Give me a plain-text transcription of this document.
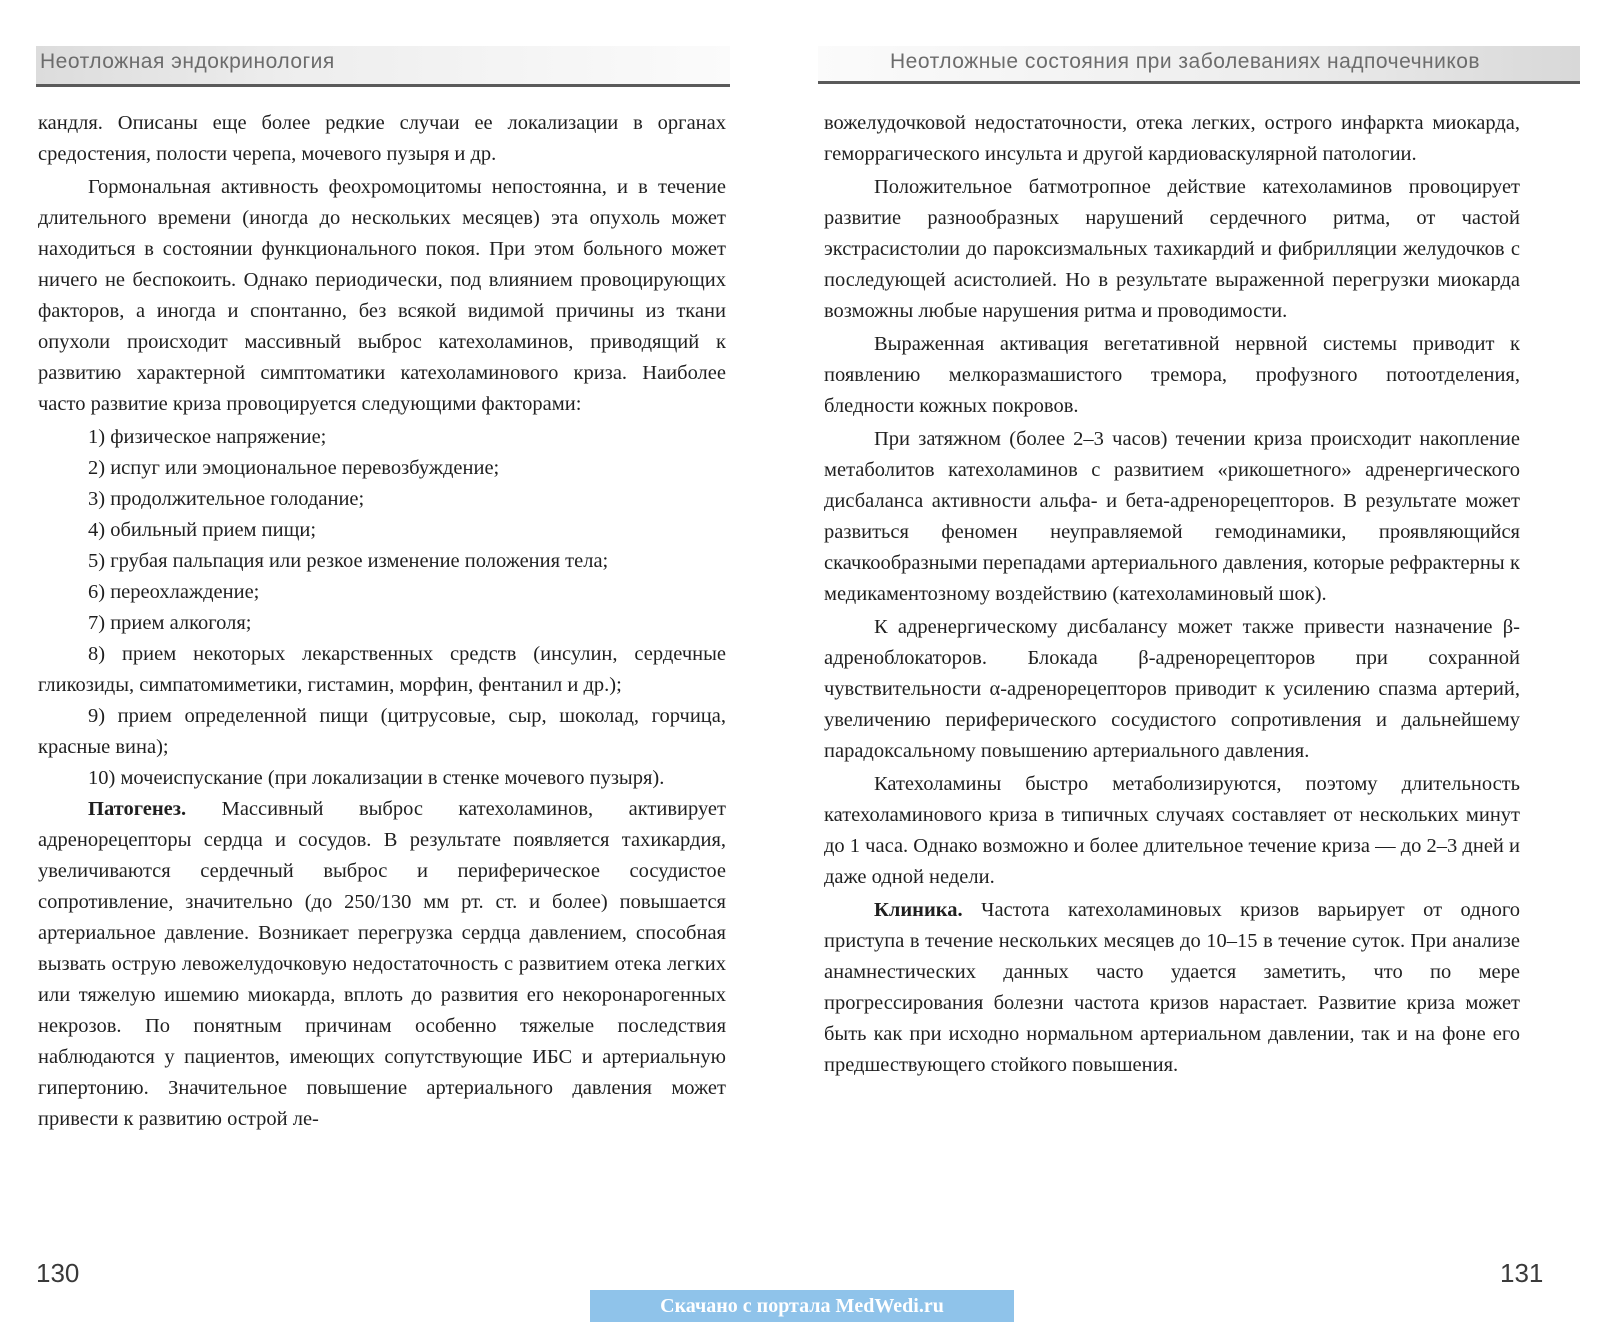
Неотложная эндокринология

кандля. Описаны еще более редкие случаи ее локализации в органах средостения, полости черепа, мочевого пузыря и др.

Гормональная активность феохромоцитомы непостоянна, и в течение длительного времени (иногда до нескольких месяцев) эта опухоль может находиться в состоянии функционального покоя. При этом больного может ничего не беспокоить. Однако периодически, под влиянием провоцирующих факторов, а иногда и спонтанно, без всякой видимой причины из ткани опухоли происходит массивный выброс катехоламинов, приводящий к развитию характерной симптоматики катехоламинового криза. Наиболее часто развитие криза провоцируется следующими факторами:

1) физическое напряжение;
2) испуг или эмоциональное перевозбуждение;
3) продолжительное голодание;
4) обильный прием пищи;
5) грубая пальпация или резкое изменение положения тела;
6) переохлаждение;
7) прием алкоголя;
8) прием некоторых лекарственных средств (инсулин, сердечные гликозиды, симпатомиметики, гистамин, морфин, фентанил и др.);
9) прием определенной пищи (цитрусовые, сыр, шоколад, горчица, красные вина);
10) мочеиспускание (при локализации в стенке мочевого пузыря).

Патогенез. Массивный выброс катехоламинов, активирует адренорецепторы сердца и сосудов. В результате появляется тахикардия, увеличиваются сердечный выброс и периферическое сосудистое сопротивление, значительно (до 250/130 мм рт. ст. и более) повышается артериальное давление. Возникает перегрузка сердца давлением, способная вызвать острую левожелудочковую недостаточность с развитием отека легких или тяжелую ишемию миокарда, вплоть до развития его некоронарогенных некрозов. По понятным причинам особенно тяжелые последствия наблюдаются у пациентов, имеющих сопутствующие ИБС и артериальную гипертонию. Значительное повышение артериального давления может привести к развитию острой ле-

130
Неотложные состояния при заболеваниях надпочечников

вожелудочковой недостаточности, отека легких, острого инфаркта миокарда, геморрагического инсульта и другой кардиоваскулярной патологии.

Положительное батмотропное действие катехоламинов провоцирует развитие разнообразных нарушений сердечного ритма, от частой экстрасистолии до пароксизмальных тахикардий и фибрилляции желудочков с последующей асистолией. Но в результате выраженной перегрузки миокарда возможны любые нарушения ритма и проводимости.

Выраженная активация вегетативной нервной системы приводит к появлению мелкоразмашистого тремора, профузного потоотделения, бледности кожных покровов.

При затяжном (более 2–3 часов) течении криза происходит накопление метаболитов катехоламинов с развитием «рикошетного» адренергического дисбаланса активности альфа- и бета-адренорецепторов. В результате может развиться феномен неуправляемой гемодинамики, проявляющийся скачкообразными перепадами артериального давления, которые рефрактерны к медикаментозному воздействию (катехоламиновый шок).

К адренергическому дисбалансу может также привести назначение β-адреноблокаторов. Блокада β-адренорецепторов при сохранной чувствительности α-адренорецепторов приводит к усилению спазма артерий, увеличению периферического сосудистого сопротивления и дальнейшему парадоксальному повышению артериального давления.

Катехоламины быстро метаболизируются, поэтому длительность катехоламинового криза в типичных случаях составляет от нескольких минут до 1 часа. Однако возможно и более длительное течение криза — до 2–3 дней и даже одной недели.

Клиника. Частота катехоламиновых кризов варьирует от одного приступа в течение нескольких месяцев до 10–15 в течение суток. При анализе анамнестических данных часто удается заметить, что по мере прогрессирования болезни частота кризов нарастает. Развитие криза может быть как при исходно нормальном артериальном давлении, так и на фоне его предшествующего стойкого повышения.

131
Скачано с портала MedWedi.ru
